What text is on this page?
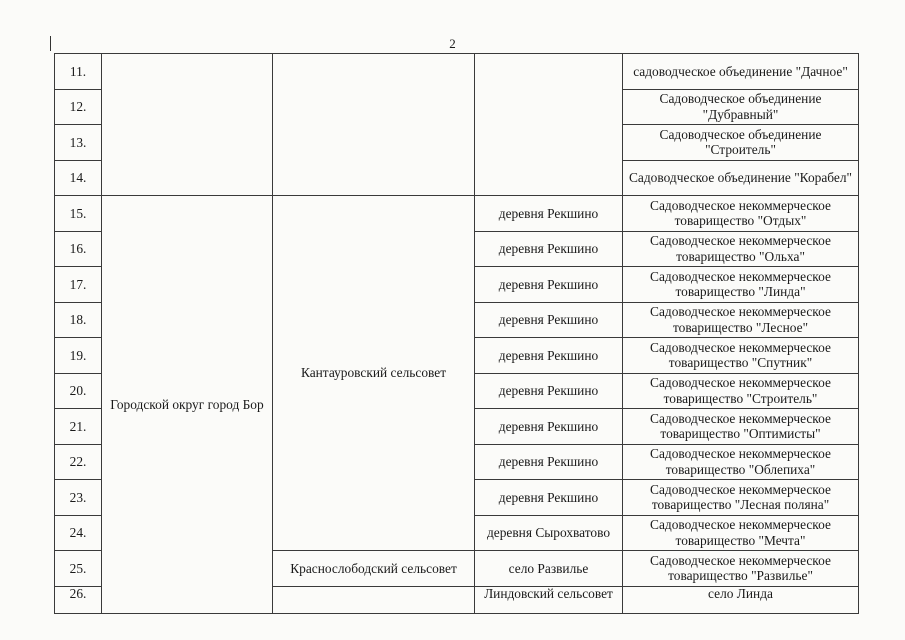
2
11.				садоводческое объединение "Дачное"	
12.				Садоводческое объединение "Дубравный"	
13.				Садоводческое объединение "Строитель"	
14.				Садоводческое объединение "Корабел"	
15.	Городской округ город Бор	Кантауровский сельсовет	деревня Рекшино	Садоводческое некоммерческое товарищество "Отдых"	
16.			деревня Рекшино	Садоводческое некоммерческое товарищество "Ольха"	
17.			деревня Рекшино	Садоводческое некоммерческое товарищество "Линда"	
18.			деревня Рекшино	Садоводческое некоммерческое товарищество "Лесное"	
19.			деревня Рекшино	Садоводческое некоммерческое товарищество "Спутник"	
20.			деревня Рекшино	Садоводческое некоммерческое товарищество "Строитель"	
21.			деревня Рекшино	Садоводческое некоммерческое товарищество "Оптимисты"	
22.			деревня Рекшино	Садоводческое некоммерческое товарищество "Облепиха"	
23.			деревня Рекшино	Садоводческое некоммерческое товарищество "Лесная поляна"	
24.			деревня Сырохватово	Садоводческое некоммерческое товарищество "Мечта"	
25.		Краснослободский сельсовет	село Развилье	Садоводческое некоммерческое товарищество "Развилье"	
26.			Линдовский сельсовет	село Линда	
